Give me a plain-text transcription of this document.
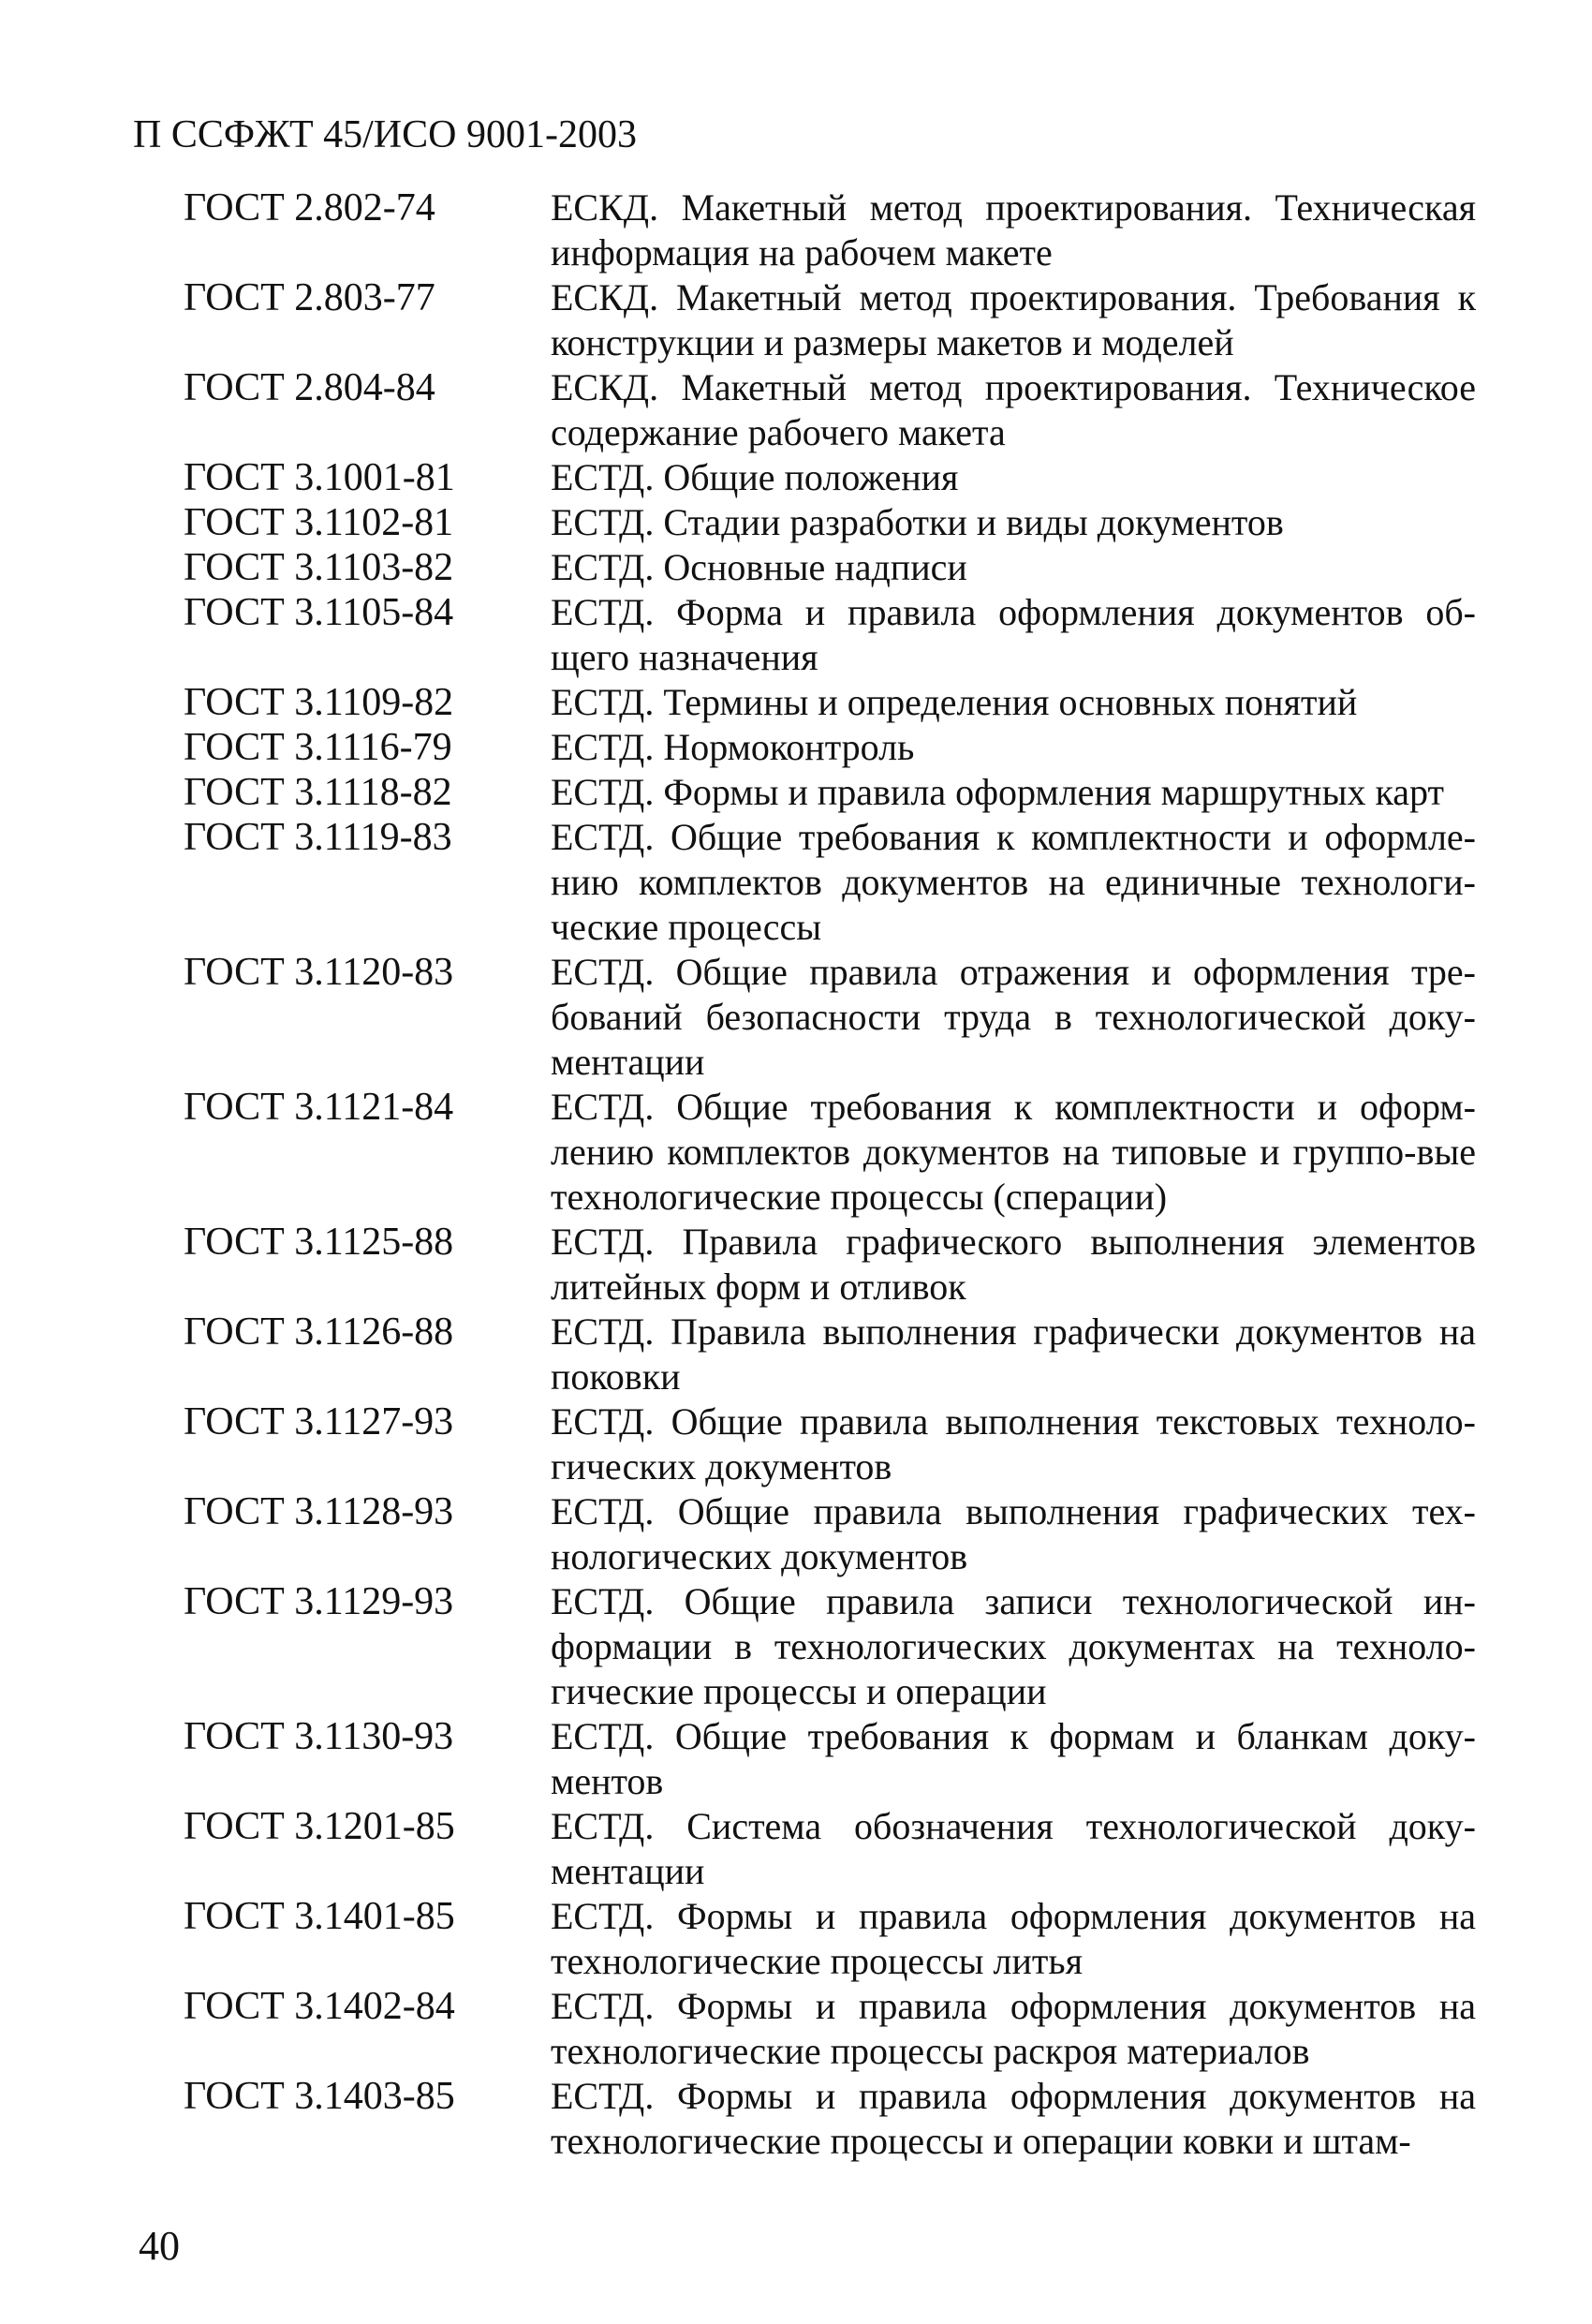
П ССФЖТ 45/ИСО 9001-2003
ГОСТ 2.802-74	ЕСКД. Макетный метод проектирования. Техническая информация на рабочем макете
ГОСТ 2.803-77	ЕСКД. Макетный метод проектирования. Требования к конструкции и размеры макетов и моделей
ГОСТ 2.804-84	ЕСКД. Макетный метод проектирования. Техническое содержание рабочего макета
ГОСТ 3.1001-81	ЕСТД. Общие положения
ГОСТ 3.1102-81	ЕСТД. Стадии разработки и виды документов
ГОСТ 3.1103-82	ЕСТД. Основные надписи
ГОСТ 3.1105-84	ЕСТД. Форма и правила оформления документов об-​щего назначения
ГОСТ 3.1109-82	ЕСТД. Термины и определения основных понятий
ГОСТ 3.1116-79	ЕСТД. Нормоконтроль
ГОСТ 3.1118-82	ЕСТД. Формы и правила оформления маршрутных карт
ГОСТ 3.1119-83	ЕСТД. Общие требования к комплектности и оформле-​нию комплектов документов на единичные технологи-​ческие процессы
ГОСТ 3.1120-83	ЕСТД. Общие правила отражения и оформления тре-​бований безопасности труда в технологической доку-​ментации
ГОСТ 3.1121-84	ЕСТД. Общие требования к комплектности и оформ-​лению комплектов документов на типовые и группо-​вые технологические процессы (сперации)
ГОСТ 3.1125-88	ЕСТД. Правила графического выполнения элементов литейных форм и отливок
ГОСТ 3.1126-88	ЕСТД. Правила выполнения графически документов на поковки
ГОСТ 3.1127-93	ЕСТД. Общие правила выполнения текстовых техноло-​гических документов
ГОСТ 3.1128-93	ЕСТД. Общие правила выполнения графических тех-​нологических документов
ГОСТ 3.1129-93	ЕСТД. Общие правила записи технологической ин-​формации в технологических документах на техноло-​гические процессы и операции
ГОСТ 3.1130-93	ЕСТД. Общие требования к формам и бланкам доку-​ментов
ГОСТ 3.1201-85	ЕСТД. Система обозначения технологической доку-​ментации
ГОСТ 3.1401-85	ЕСТД. Формы и правила оформления документов на технологические процессы литья
ГОСТ 3.1402-84	ЕСТД. Формы и правила оформления документов на технологические процессы раскроя материалов
ГОСТ 3.1403-85	ЕСТД. Формы и правила оформления документов на технологические процессы и операции ковки и штам-
40
